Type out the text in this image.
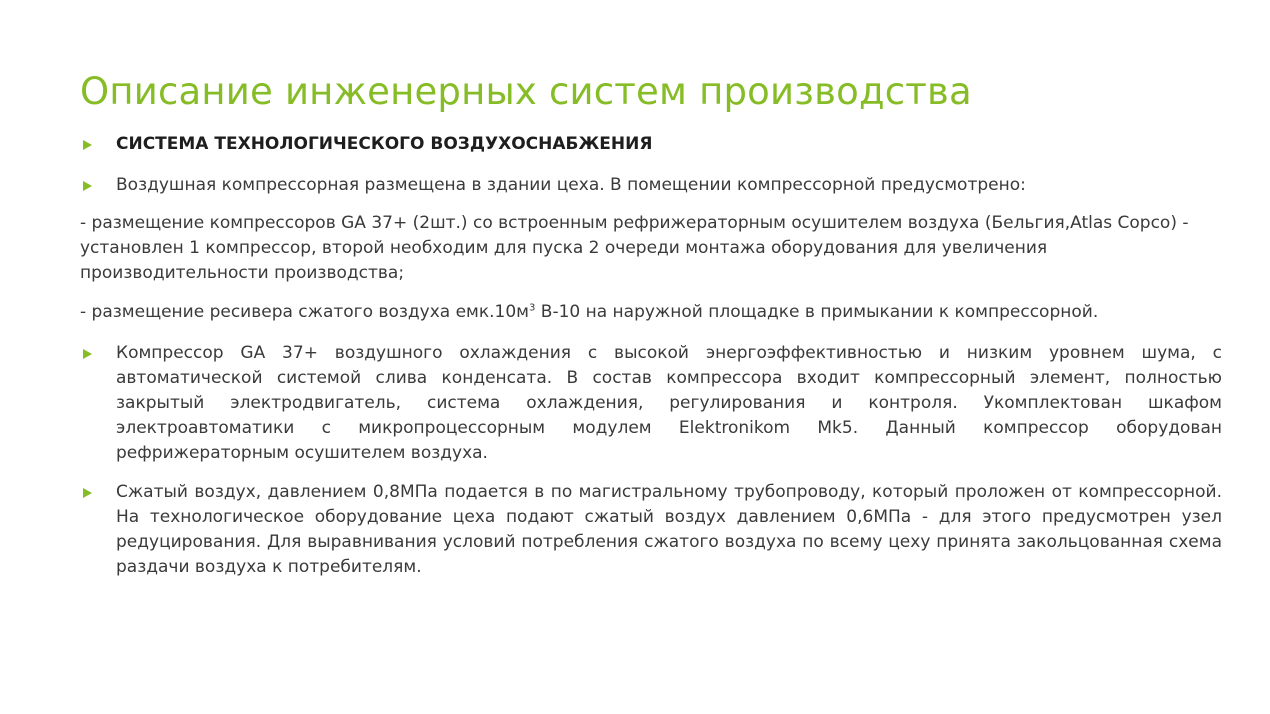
Описание инженерных систем производства
СИСТЕМА ТЕХНОЛОГИЧЕСКОГО ВОЗДУХОСНАБЖЕНИЯ
Воздушная компрессорная размещена в здании цеха. В помещении компрессорной предусмотрено:
- размещение компрессоров GA 37+ (2шт.) со встроенным рефрижераторным осушителем воздуха (Бельгия,Atlas Copco) - установлен 1 компрессор, второй необходим для пуска 2 очереди монтажа оборудования для увеличения производительности производства;
- размещение ресивера сжатого воздуха $емк.10м^3$ В-10 на наружной площадке в примыкании к компрессорной.
Компрессор GA 37+ воздушного охлаждения с высокой энергоэффективностью и низким уровнем шума, с автоматической системой слива конденсата. В состав компрессора входит компрессорный элемент, полностью закрытый электродвигатель, система охлаждения, регулирования и контроля. Укомплектован шкафом электроавтоматики с микропроцессорным модулем Elektronikom Mk5. Данный компрессор оборудован рефрижераторным осушителем воздуха.
Сжатый воздух, давлением 0,8МПа подается в по магистральному трубопроводу, который проложен от компрессорной. На технологическое оборудование цеха подают сжатый воздух давлением 0,6МПа - для этого предусмотрен узел редуцирования. Для выравнивания условий потребления сжатого воздуха по всему цеху принята закольцованная схема раздачи воздуха к потребителям.
